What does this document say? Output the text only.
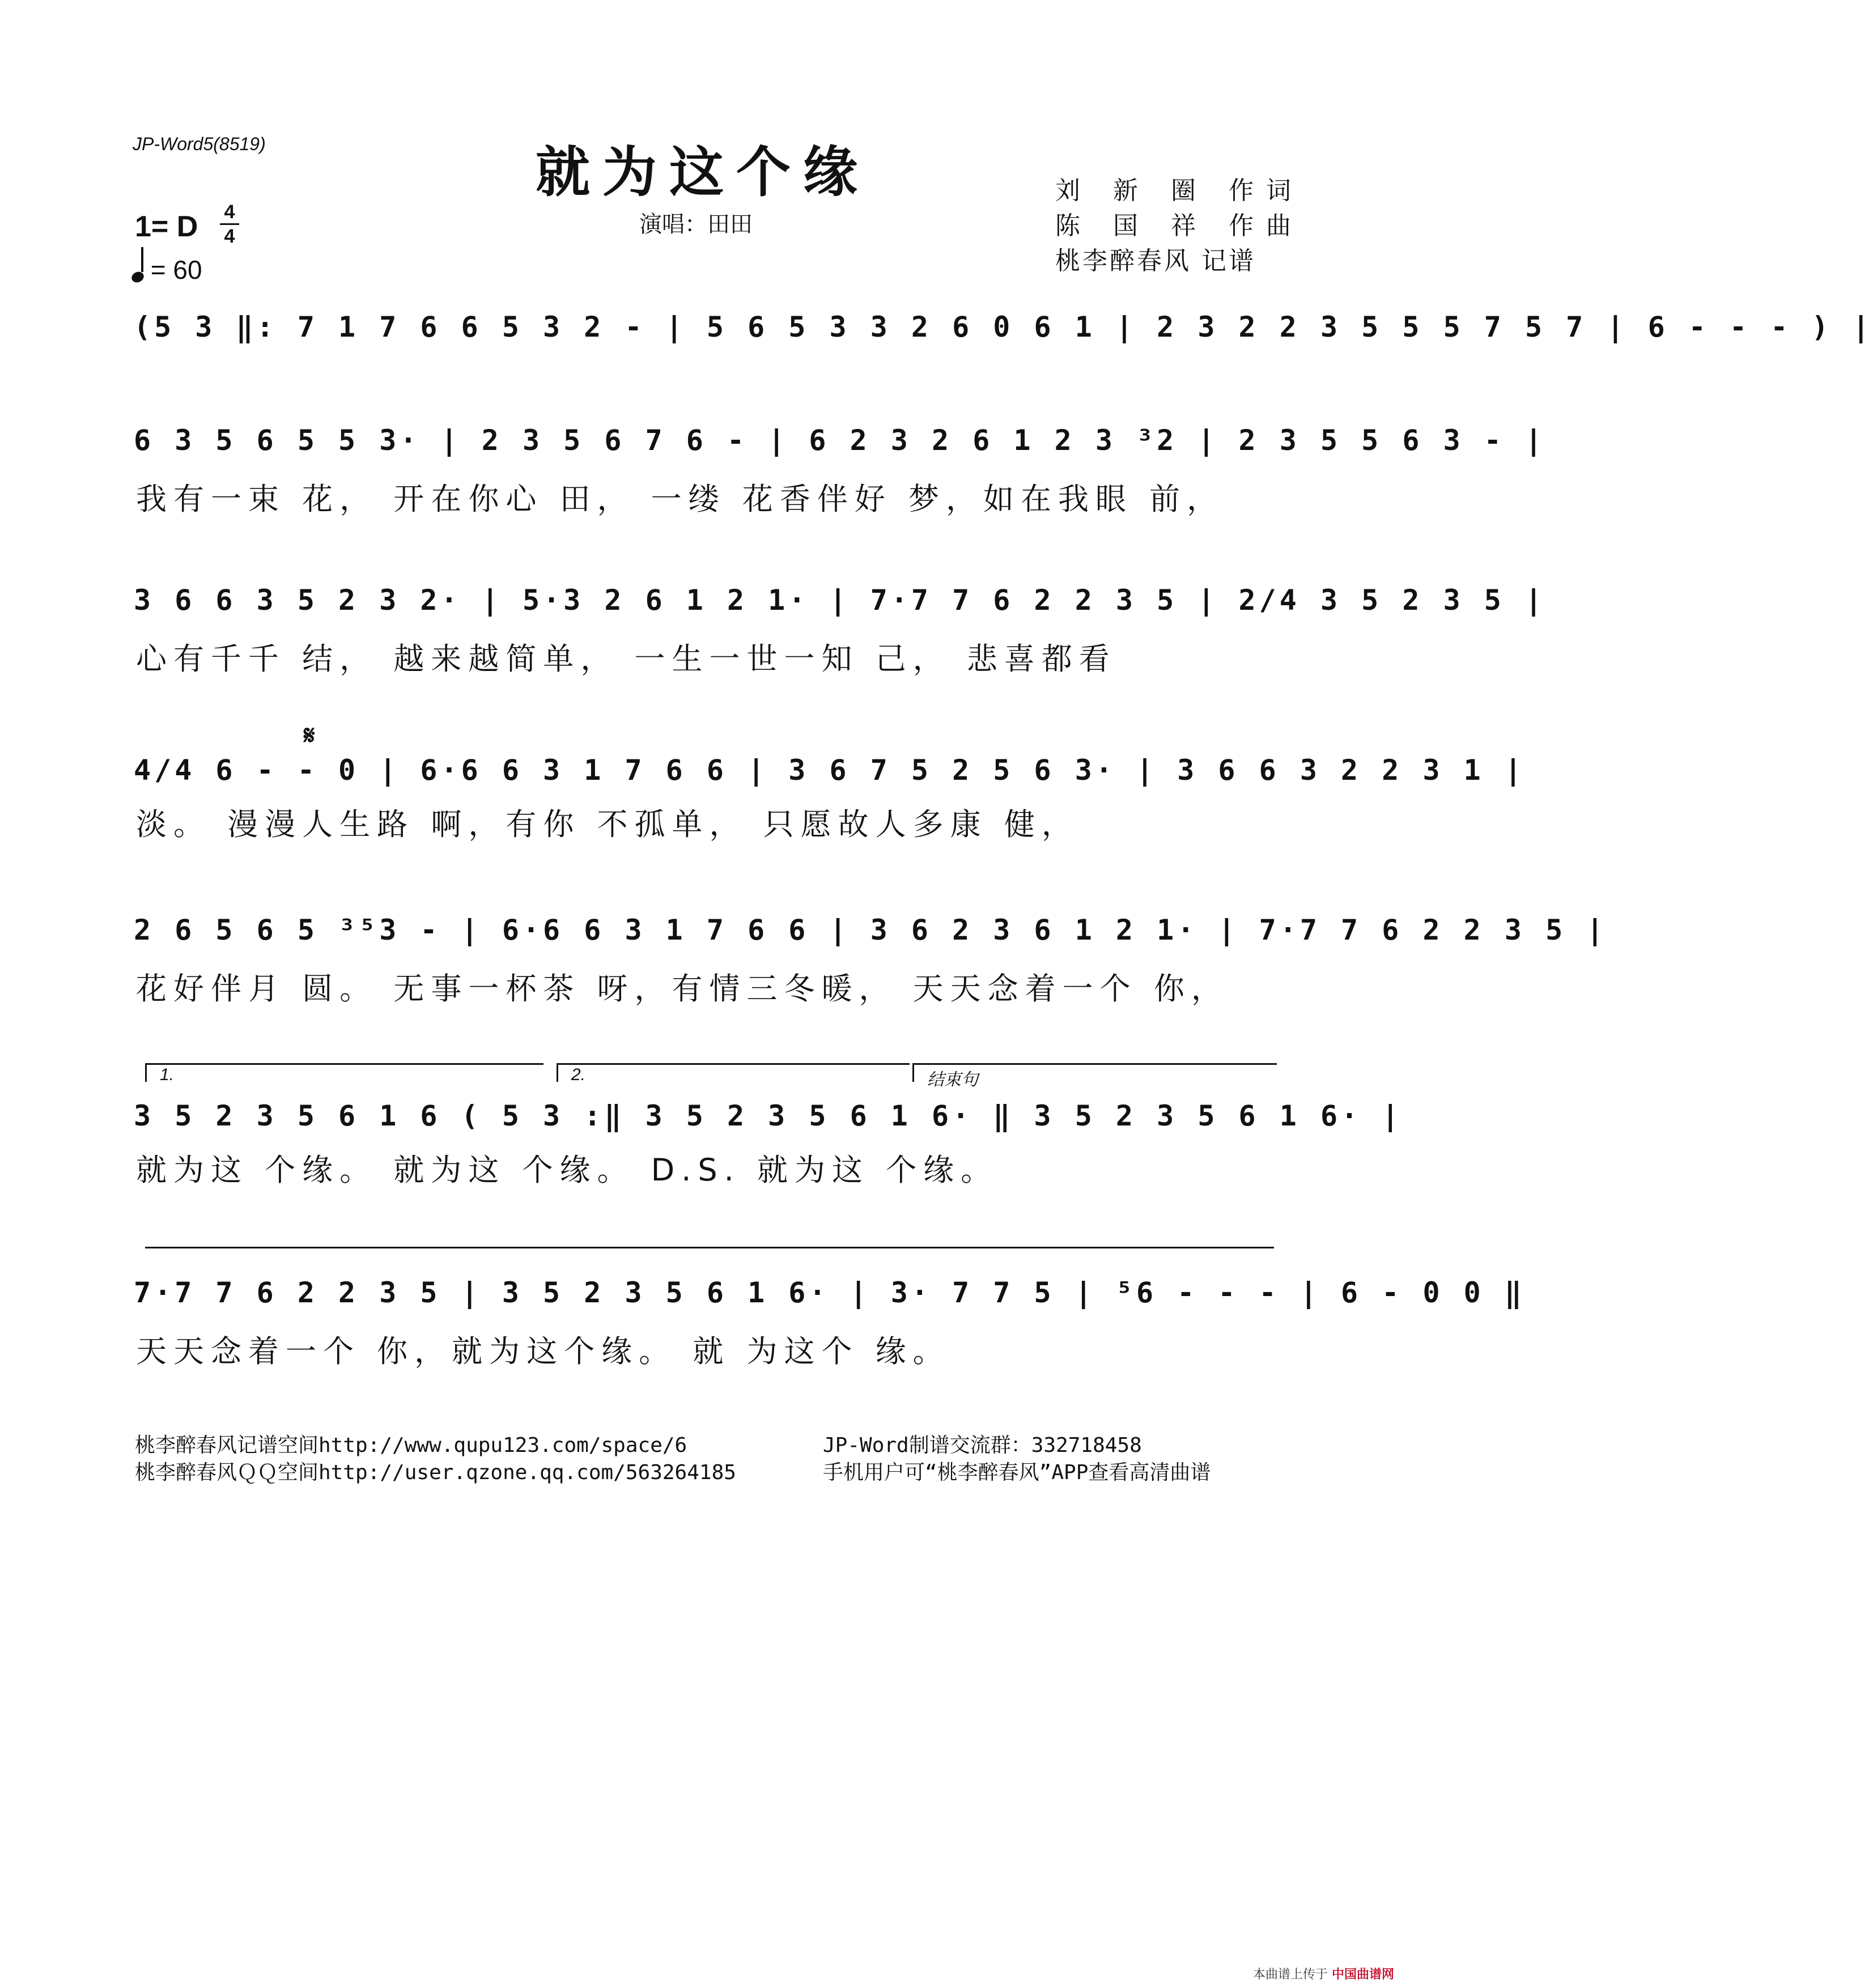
JP-Word5(8519)	就为这个缘	刘 新 圈 作词
陈 国 祥 作曲
桃李醉春风 记谱
1= D 4
4
= 60
演唱：田田
(5 3 ‖: 7 1 7 6 6 5 3 2 - | 5 6 5 3 3 2 6 0 6 1 | 2 3 2 2 3 5 5 5 7 5 7 | 6 - - - ) |
6 3 5 6 5 5 3· | 2 3 5 6 7 6 - | 6 2 3 2 6 1 2 3 ³2 | 2 3 5 5 6 3 - |
我有一束 花， 开在你心 田， 一缕 花香伴好 梦，如在我眼 前，
3 6 6 3 5 2 3 2· | 5·3 2 6 1 2 1· | 7·7 7 6 2 2 3 5 | 2/4 3 5 2 3 5 |
心有千千 结， 越来越简单， 一生一世一知 己， 悲喜都看
𝄋
4/4 6 - - 0 | 6·6 6 3 1 7 6 6 | 3 6 7 5 2 5 6 3· | 3 6 6 3 2 2 3 1 |
淡。 漫漫人生路 啊，有你 不孤单， 只愿故人多康 健，
2 6 5 6 5 ³⁵3 - | 6·6 6 3 1 7 6 6 | 3 6 2 3 6 1 2 1· | 7·7 7 6 2 2 3 5 |
花好伴月 圆。 无事一杯茶 呀，有情三冬暖， 天天念着一个 你，
1.	2.	结束句
3 5 2 3 5 6 1 6 ( 5 3 :‖ 3 5 2 3 5 6 1 6· ‖ 3 5 2 3 5 6 1 6· |
就为这 个缘。 就为这 个缘。 D.S. 就为这 个缘。
7·7 7 6 2 2 3 5 | 3 5 2 3 5 6 1 6· | 3· 7 7 5 | ⁵6 - - - | 6 - 0 0 ‖
天天念着一个 你，就为这个缘。 就 为这个 缘。
桃李醉春风记谱空间http://www.qupu123.com/space/6
桃李醉春风ＱＱ空间http://user.qzone.qq.com/563264185
JP-Word制谱交流群：332718458
手机用户可“桃李醉春风”APP查看高清曲谱
本曲谱上传于 中国曲谱网
